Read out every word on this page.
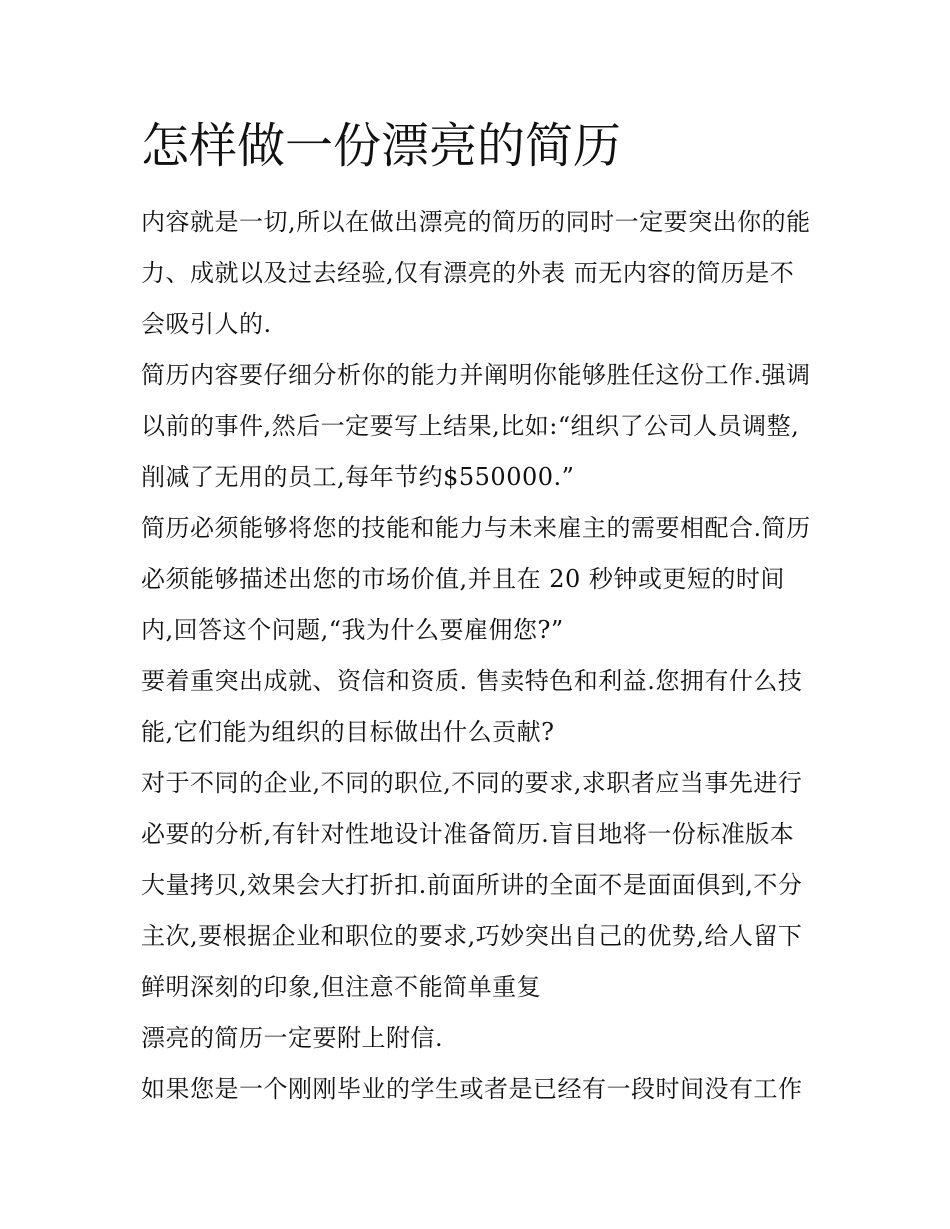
怎样做一份漂亮的简历

内容就是一切,所以在做出漂亮的简历的同时一定要突出你的能力、成就以及过去经验,仅有漂亮的外表 而无内容的简历是不会吸引人的.

简历内容要仔细分析你的能力并阐明你能够胜任这份工作.强调以前的事件,然后一定要写上结果,比如:“组织了公司人员调整,削减了无用的员工,每年节约$550000.”

简历必须能够将您的技能和能力与未来雇主的需要相配合.简历必须能够描述出您的市场价值,并且在 20 秒钟或更短的时间内,回答这个问题,“我为什么要雇佣您?”

要着重突出成就、资信和资质. 售卖特色和利益.您拥有什么技能,它们能为组织的目标做出什么贡献?

对于不同的企业,不同的职位,不同的要求,求职者应当事先进行必要的分析,有针对性地设计准备简历.盲目地将一份标准版本大量拷贝,效果会大打折扣.前面所讲的全面不是面面俱到,不分主次,要根据企业和职位的要求,巧妙突出自己的优势,给人留下鲜明深刻的印象,但注意不能简单重复

漂亮的简历一定要附上附信.

如果您是一个刚刚毕业的学生或者是已经有一段时间没有工作
